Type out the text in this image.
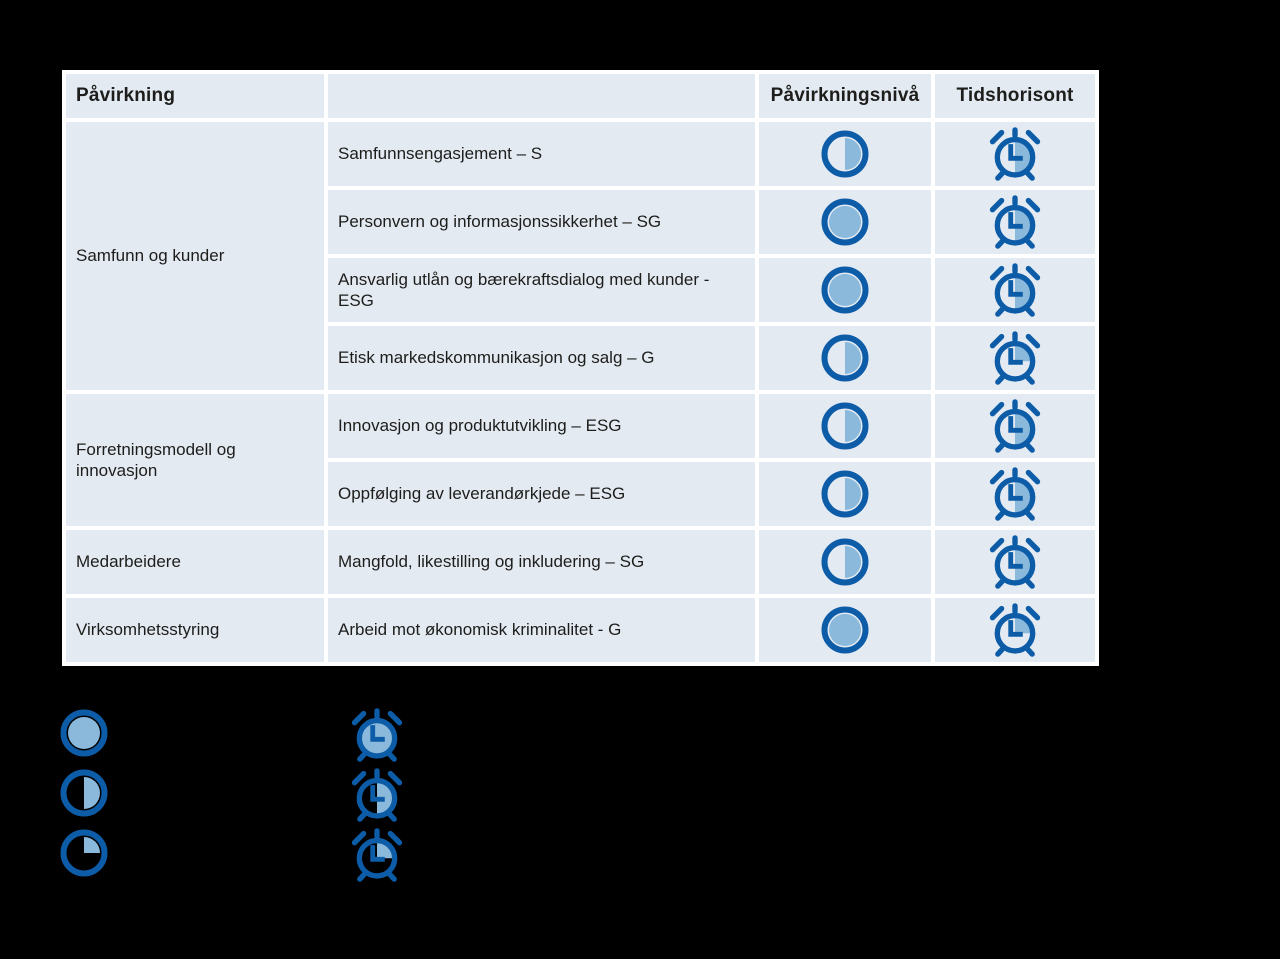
Påvirkning	Påvirkningsnivå	Tidshorisont
Samfunn og kunder
Forretningsmodell og innovasjon
Medarbeidere
Virksomhetsstyring
Samfunnsengasjement – S
Personvern og informasjonssikkerhet – SG
Ansvarlig utlån og bærekraftsdialog med kunder - ESG
Etisk markedskommunikasjon og salg – G
Innovasjon og produktutvikling – ESG
Oppfølging av leverandørkjede – ESG
Mangfold, likestilling og inkludering – SG
Arbeid mot økonomisk kriminalitet - G
